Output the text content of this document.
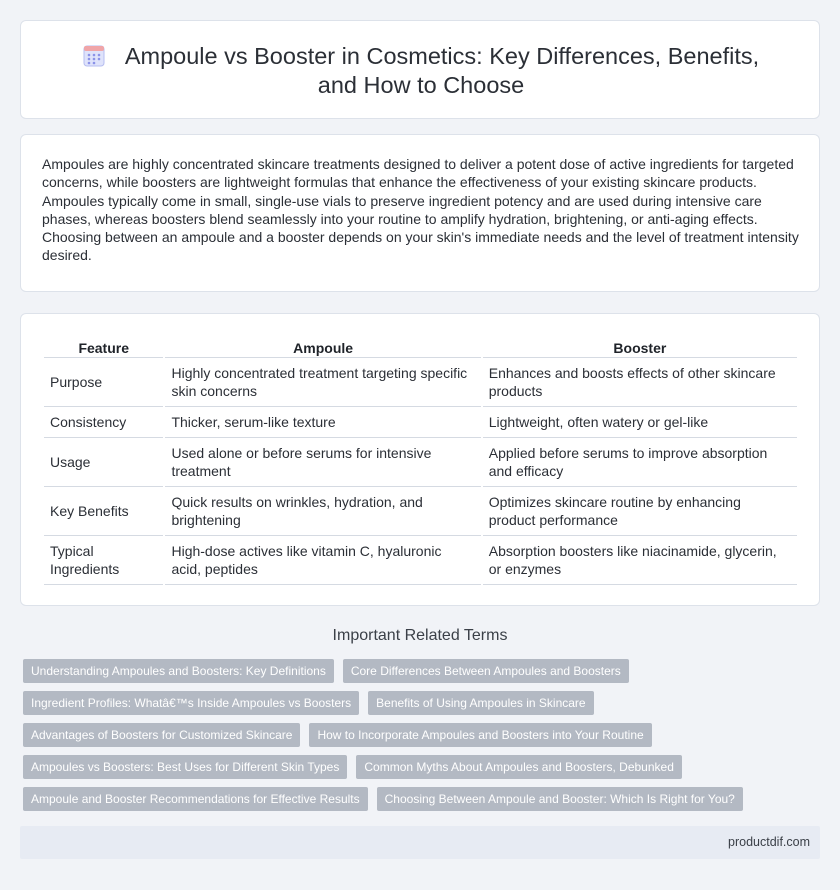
Ampoule vs Booster in Cosmetics: Key Differences, Benefits, and How to Choose

Ampoules are highly concentrated skincare treatments designed to deliver a potent dose of active ingredients for targeted concerns, while boosters are lightweight formulas that enhance the effectiveness of your existing skincare products. Ampoules typically come in small, single-use vials to preserve ingredient potency and are used during intensive care phases, whereas boosters blend seamlessly into your routine to amplify hydration, brightening, or anti-aging effects. Choosing between an ampoule and a booster depends on your skin's immediate needs and the level of treatment intensity desired.

Feature	Ampoule	Booster
Purpose	Highly concentrated treatment targeting specific skin concerns	Enhances and boosts effects of other skincare products
Consistency	Thicker, serum-like texture	Lightweight, often watery or gel-like
Usage	Used alone or before serums for intensive treatment	Applied before serums to improve absorption and efficacy
Key Benefits	Quick results on wrinkles, hydration, and brightening	Optimizes skincare routine by enhancing product performance
Typical Ingredients	High-dose actives like vitamin C, hyaluronic acid, peptides	Absorption boosters like niacinamide, glycerin, or enzymes
Important Related Terms
Understanding Ampoules and Boosters: Key Definitions	Core Differences Between Ampoules and Boosters
Ingredient Profiles: Whatâ€™s Inside Ampoules vs Boosters	Benefits of Using Ampoules in Skincare
Advantages of Boosters for Customized Skincare	How to Incorporate Ampoules and Boosters into Your Routine
Ampoules vs Boosters: Best Uses for Different Skin Types	Common Myths About Ampoules and Boosters, Debunked
Ampoule and Booster Recommendations for Effective Results	Choosing Between Ampoule and Booster: Which Is Right for You?
productdif.com
